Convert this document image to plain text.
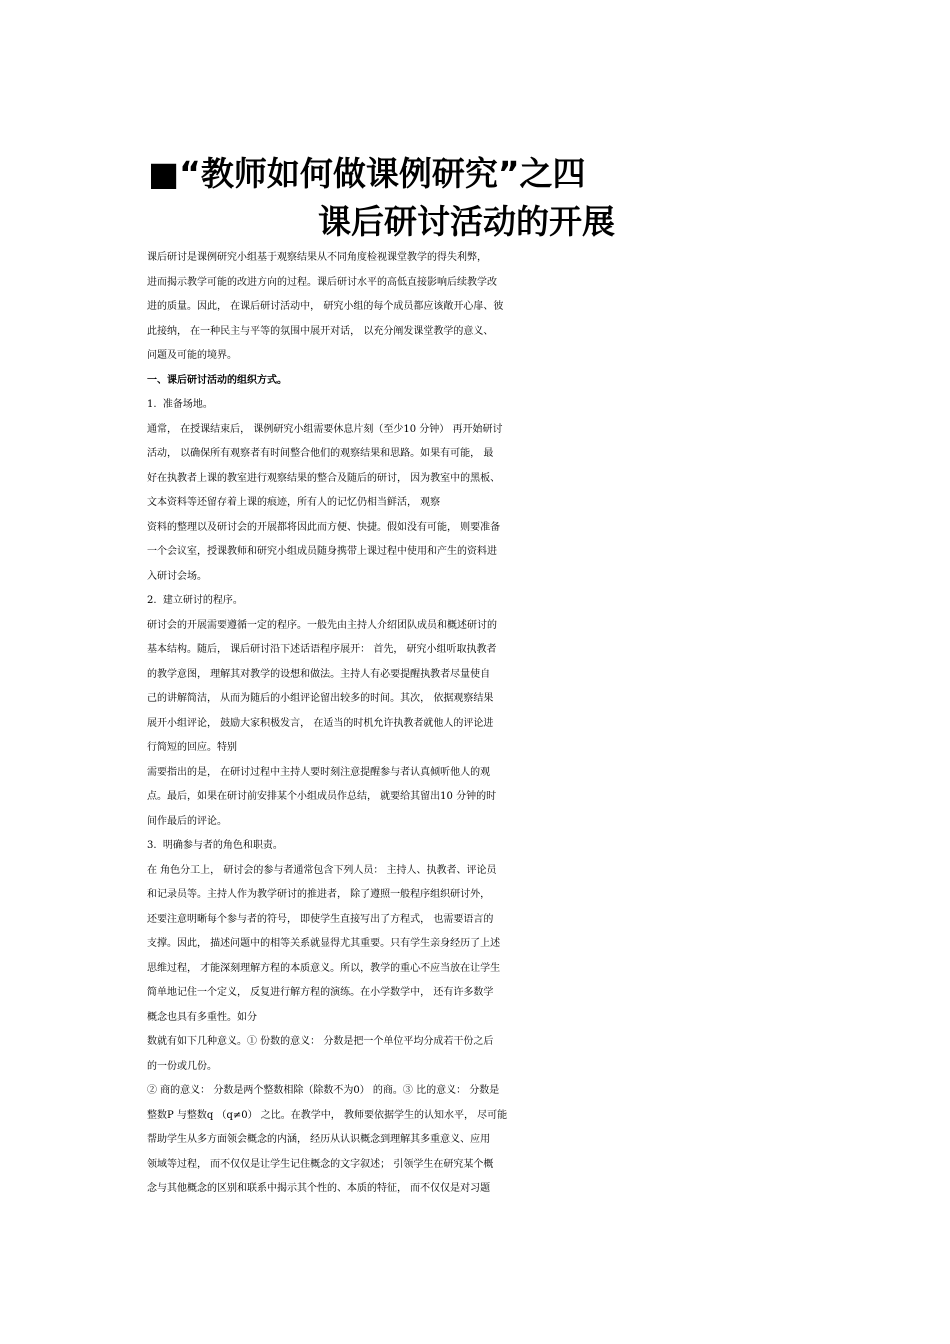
■“教师如何做课例研究”之四
课后研讨活动的开展
课后研讨是课例研究小组基于观察结果从不同角度检视课堂教学的得失利弊，
进而揭示教学可能的改进方向的过程。课后研讨水平的高低直接影响后续教学改
进的质量。因此， 在课后研讨活动中， 研究小组的每个成员都应该敞开心扉、彼
此接纳， 在一种民主与平等的氛围中展开对话， 以充分阐发课堂教学的意义、
问题及可能的境界。
一、课后研讨活动的组织方式。
1.  准备场地。
通常， 在授课结束后， 课例研究小组需要休息片刻（至少10 分钟） 再开始研讨
活动， 以确保所有观察者有时间整合他们的观察结果和思路。如果有可能， 最
好在执教者上课的教室进行观察结果的整合及随后的研讨， 因为教室中的黑板、
文本资料等还留存着上课的痕迹，所有人的记忆仍相当鲜活， 观察
资料的整理以及研讨会的开展都将因此而方便、快捷。假如没有可能， 则要准备
一个会议室，授课教师和研究小组成员随身携带上课过程中使用和产生的资料进
入研讨会场。
2.  建立研讨的程序。
研讨会的开展需要遵循一定的程序。一般先由主持人介绍团队成员和概述研讨的
基本结构。随后， 课后研讨沿下述话语程序展开： 首先， 研究小组听取执教者
的教学意图， 理解其对教学的设想和做法。主持人有必要提醒执教者尽量使自
己的讲解简洁， 从而为随后的小组评论留出较多的时间。其次， 依据观察结果
展开小组评论， 鼓励大家积极发言， 在适当的时机允许执教者就他人的评论进
行简短的回应。特别
需要指出的是， 在研讨过程中主持人要时刻注意提醒参与者认真倾听他人的观
点。最后，如果在研讨前安排某个小组成员作总结， 就要给其留出10 分钟的时
间作最后的评论。
3.  明确参与者的角色和职责。
在 角色分工上， 研讨会的参与者通常包含下列人员： 主持人、执教者、评论员
和记录员等。主持人作为教学研讨的推进者， 除了遵照一般程序组织研讨外，
还要注意明晰每个参与者的符号， 即使学生直接写出了方程式， 也需要语言的
支撑。因此， 描述问题中的相等关系就显得尤其重要。只有学生亲身经历了上述
思维过程， 才能深刻理解方程的本质意义。所以，教学的重心不应当放在让学生
简单地记住一个定义， 反复进行解方程的演练。在小学数学中， 还有许多数学
概念也具有多重性。如分
数就有如下几种意义。① 份数的意义： 分数是把一个单位平均分成若干份之后
的一份或几份。
② 商的意义： 分数是两个整数相除（除数不为0） 的商。③ 比的意义： 分数是
整数P 与整数q （q≠0） 之比。在教学中， 教师要依据学生的认知水平， 尽可能
帮助学生从多方面领会概念的内涵， 经历从认识概念到理解其多重意义、应用
领域等过程， 而不仅仅是让学生记住概念的文字叙述； 引领学生在研究某个概
念与其他概念的区别和联系中揭示其个性的、本质的特征， 而不仅仅是对习题
